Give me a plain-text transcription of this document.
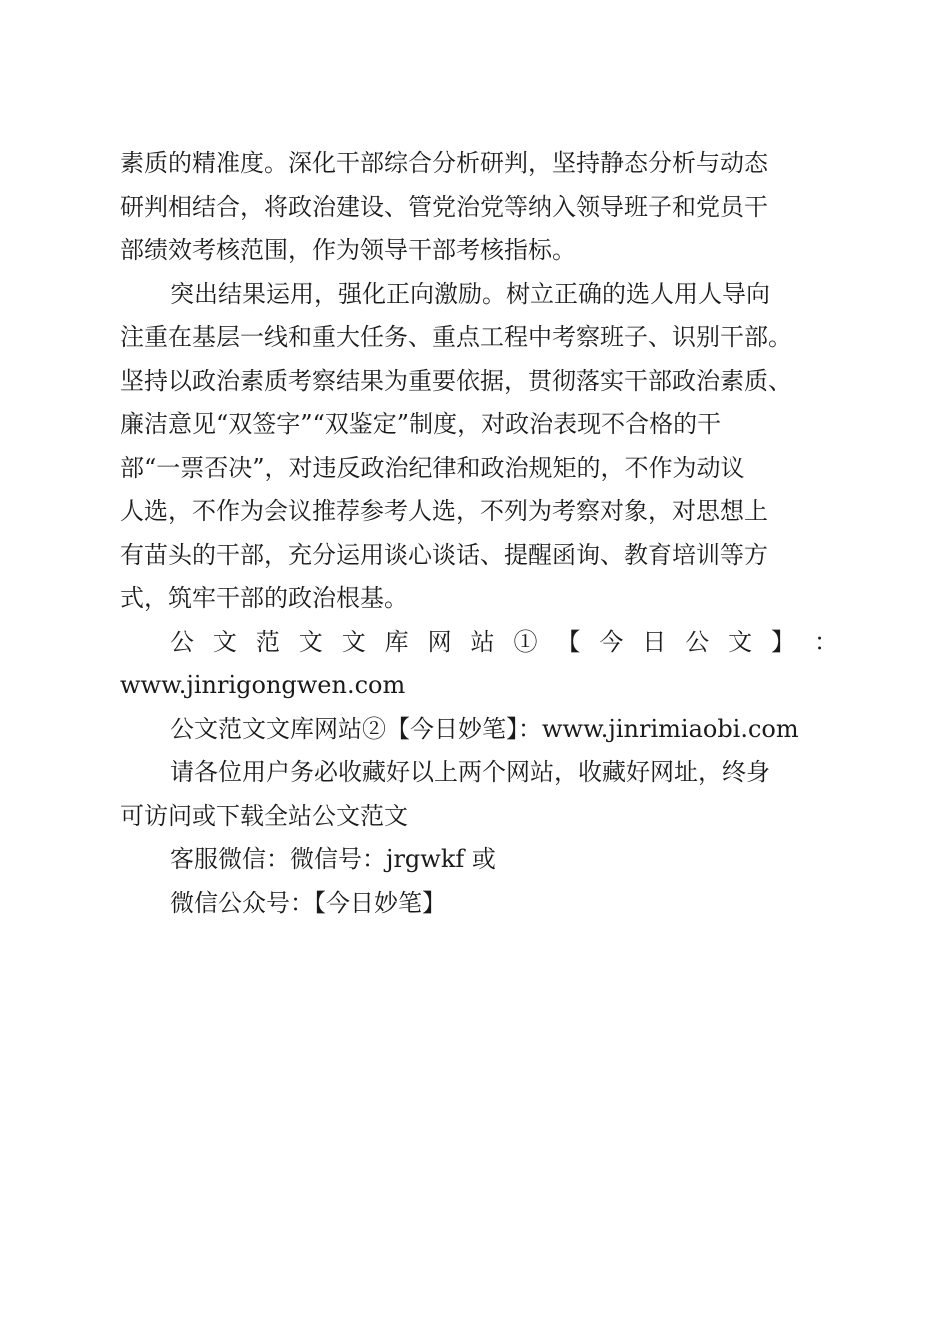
素质的精准度。深化干部综合分析研判，坚持静态分析与动态
研判相结合，将政治建设、管党治党等纳入领导班子和党员干
部绩效考核范围，作为领导干部考核指标。
突出结果运用，强化正向激励。树立正确的选人用人导向
注重在基层一线和重大任务、重点工程中考察班子、识别干部。
坚持以政治素质考察结果为重要依据，贯彻落实干部政治素质、
廉洁意见“双签字”“双鉴定”制度，对政治表现不合格的干
部“一票否决”，对违反政治纪律和政治规矩的，不作为动议
人选，不作为会议推荐参考人选，不列为考察对象，对思想上
有苗头的干部，充分运用谈心谈话、提醒函询、教育培训等方
式，筑牢干部的政治根基。
公 文 范 文 文 库 网 站 ① 【 今 日 公 文 】 ：
www.jinrigongwen.com
公文范文文库网站②【今日妙笔】：www.jinrimiaobi.com
请各位用户务必收藏好以上两个网站，收藏好网址，终身
可访问或下载全站公文范文
客服微信：微信号：jrgwkf 或
微信公众号：【今日妙笔】
